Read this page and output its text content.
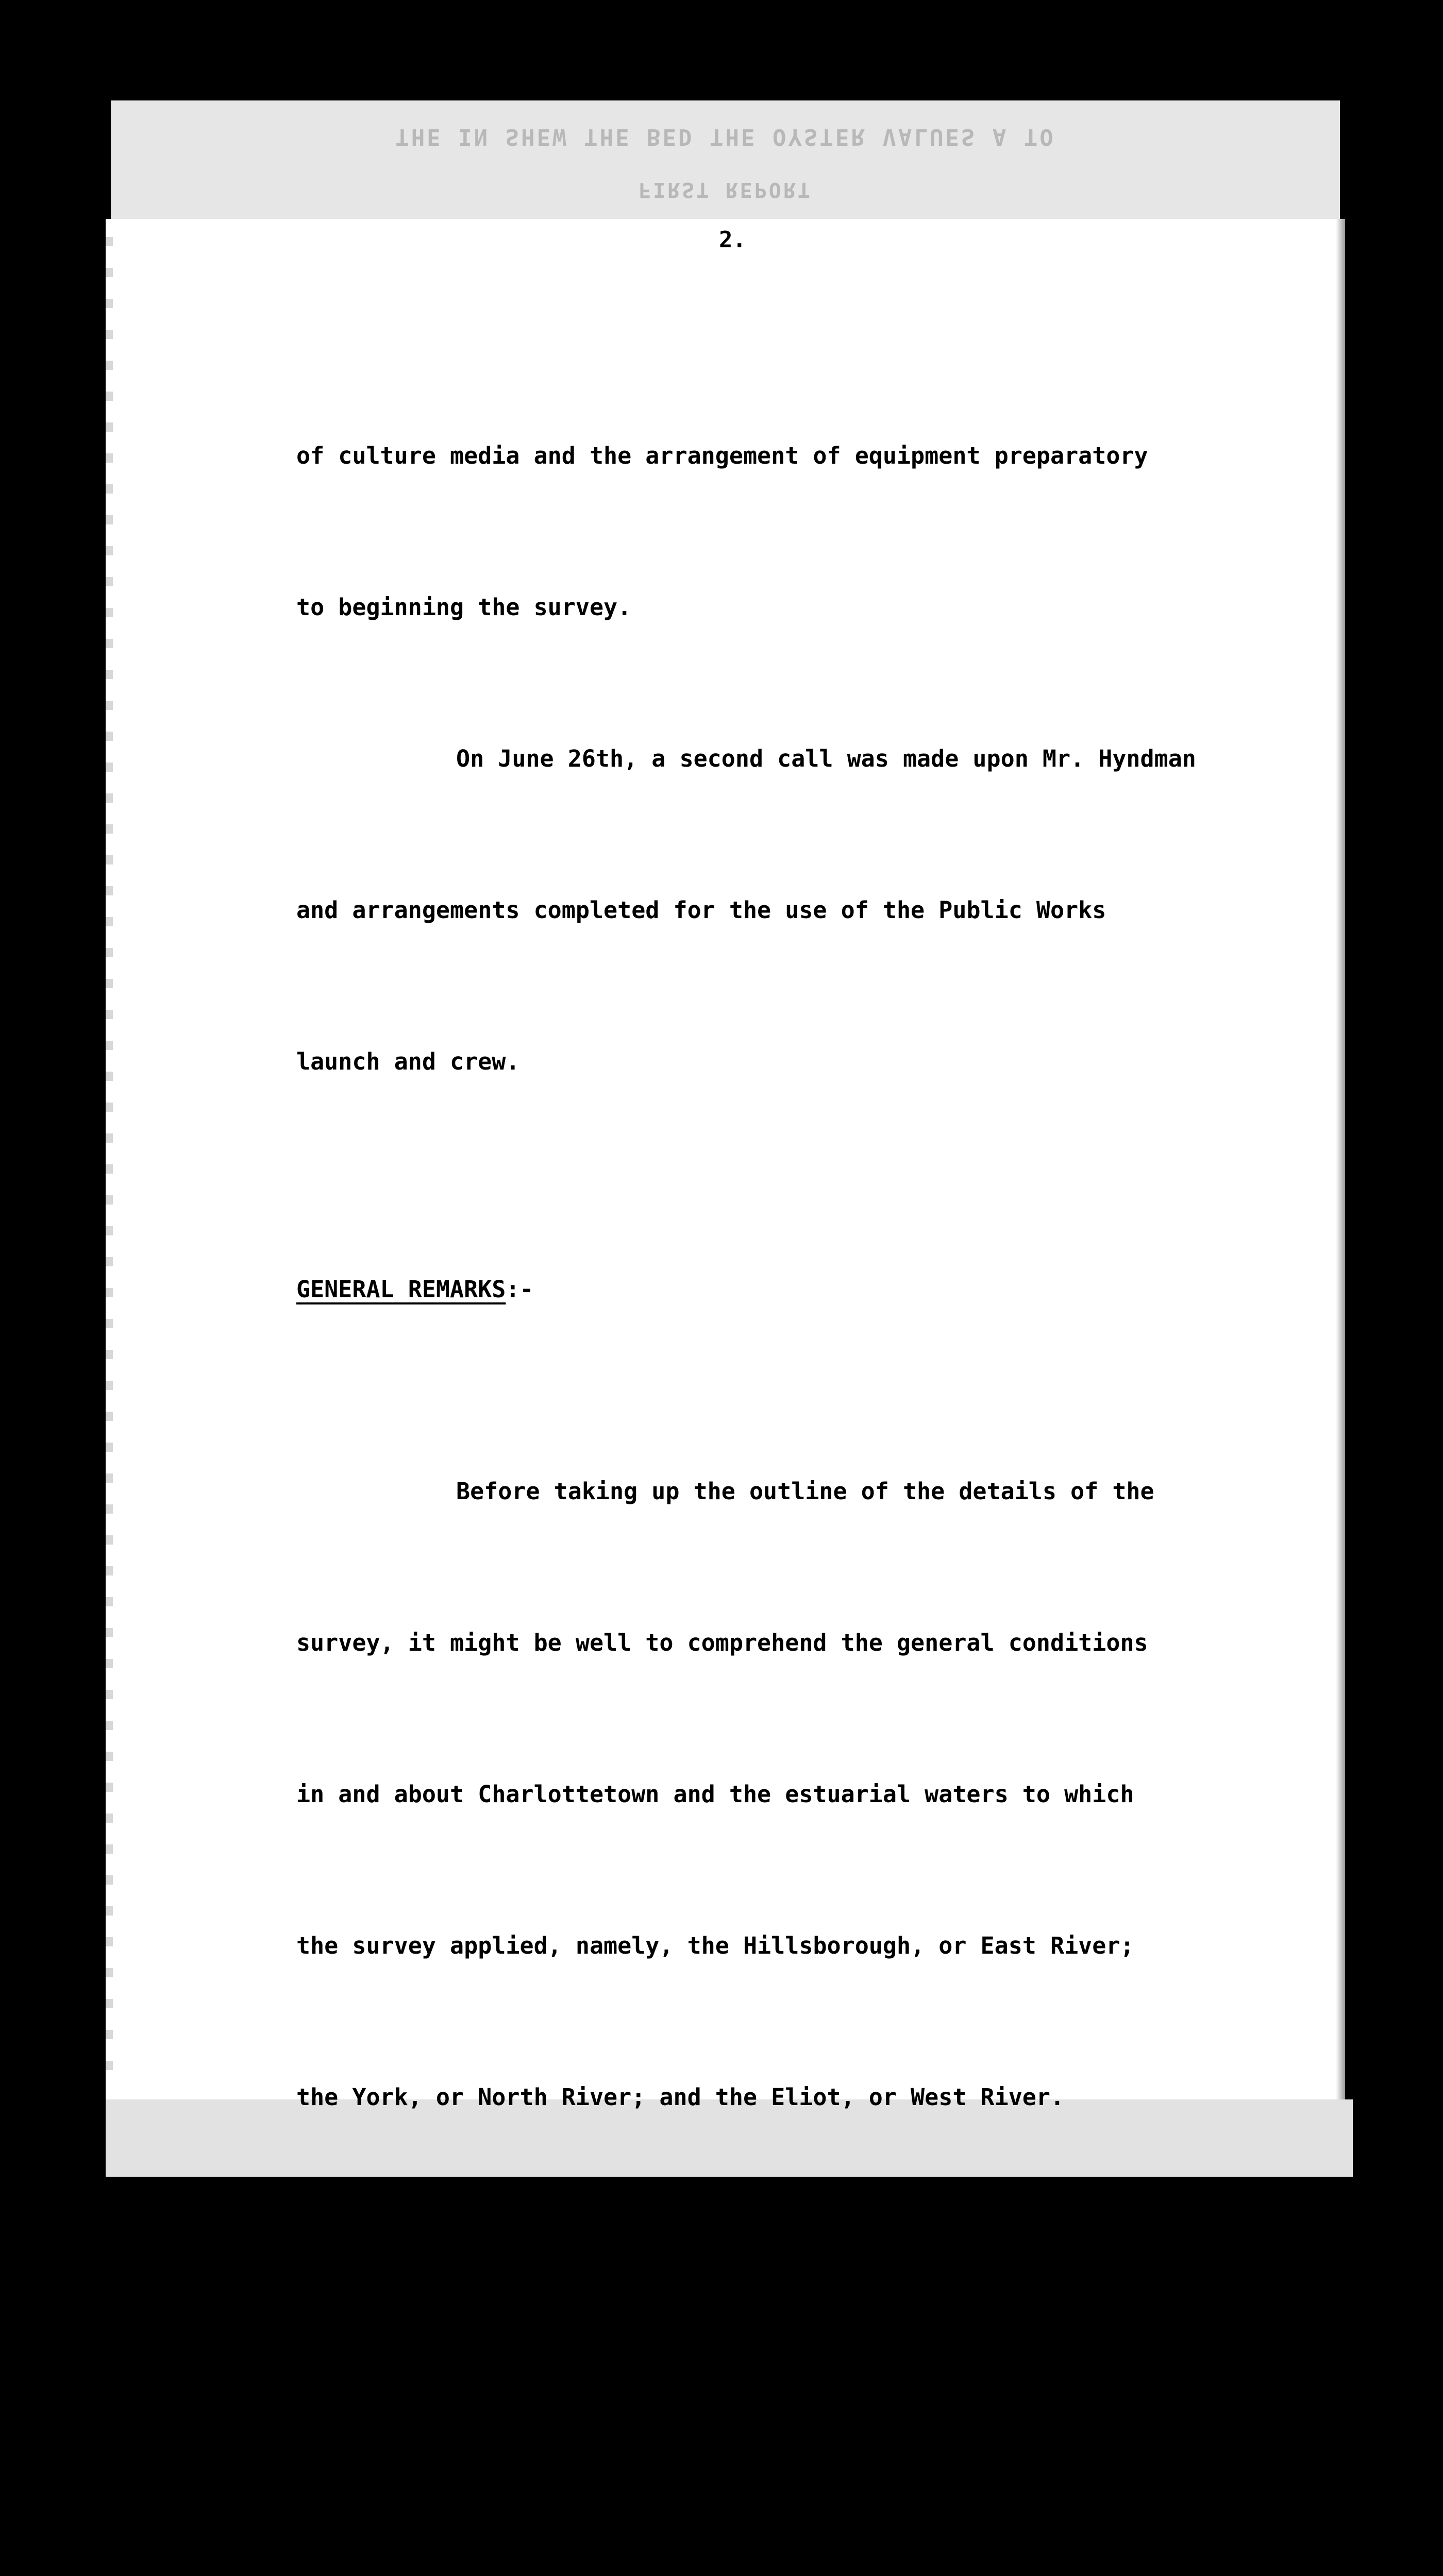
THE IN SHEW THE BED THE OYSTER VALUES A TO
FIRST REPORT
2.

of culture media and the arrangement of equipment preparatory

to beginning the survey.

On June 26th, a second call was made upon Mr. Hyndman

and arrangements completed for the use of the Public Works

launch and crew.

GENERAL REMARKS:-

Before taking up the outline of the details of the

survey, it might be well to comprehend the general conditions

in and about Charlottetown and the estuarial waters to which

the survey applied, namely, the Hillsborough, or East River;

the York, or North River; and the Eliot, or West River.

These three rivers unite to form Charlottetown Harbor, which

is connected directly with Hillsborough Bay, (Straits of

Northumberland), by means of a relatively short and narrow
